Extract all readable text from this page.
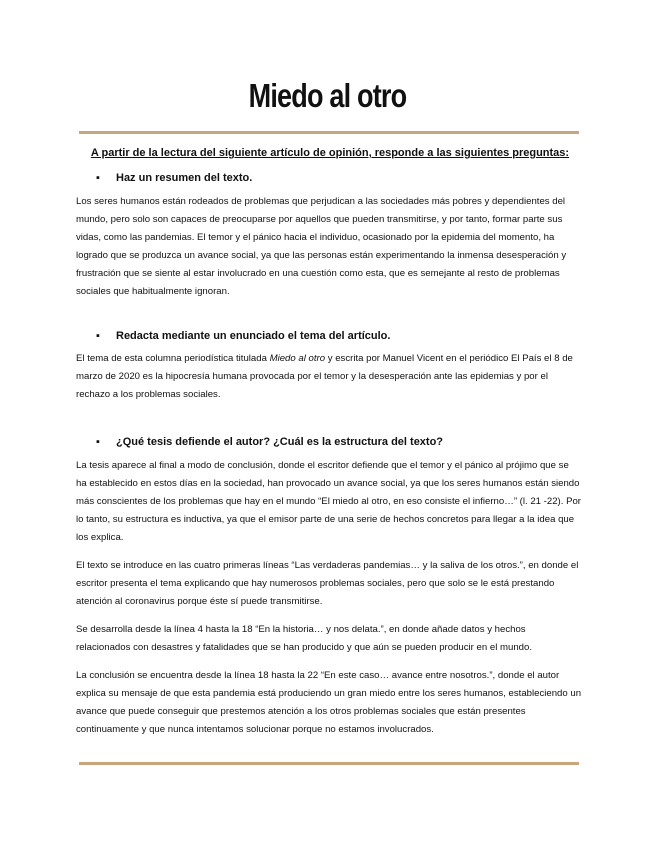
Miedo al otro
A partir de la lectura del siguiente artículo de opinión, responde a las siguientes preguntas:
▪ Haz un resumen del texto.

Los seres humanos están rodeados de problemas que perjudican a las sociedades más pobres y dependientes del mundo, pero solo son capaces de preocuparse por aquellos que pueden transmitirse, y por tanto, formar parte sus vidas, como las pandemias. El temor y el pánico hacia el individuo, ocasionado por la epidemia del momento, ha logrado que se produzca un avance social, ya que las personas están experimentando la inmensa desesperación y frustración que se siente al estar involucrado en una cuestión como esta, que es semejante al resto de problemas sociales que habitualmente ignoran.

▪ Redacta mediante un enunciado el tema del artículo.

El tema de esta columna periodística titulada Miedo al otro y escrita por Manuel Vicent en el periódico El País el 8 de marzo de 2020 es la hipocresía humana provocada por el temor y la desesperación ante las epidemias y por el rechazo a los problemas sociales.

▪ ¿Qué tesis defiende el autor? ¿Cuál es la estructura del texto?

La tesis aparece al final a modo de conclusión, donde el escritor defiende que el temor y el pánico al prójimo que se ha establecido en estos días en la sociedad, han provocado un avance social, ya que los seres humanos están siendo más conscientes de los problemas que hay en el mundo “El miedo al otro, en eso consiste el infierno…” (l. 21 -22). Por lo tanto, su estructura es inductiva, ya que el emisor parte de una serie de hechos concretos para llegar a la idea que los explica.

El texto se introduce en las cuatro primeras líneas “Las verdaderas pandemias… y la saliva de los otros.”, en donde el escritor presenta el tema explicando que hay numerosos problemas sociales, pero que solo se le está prestando atención al coronavirus porque éste sí puede transmitirse.

Se desarrolla desde la línea 4 hasta la 18 “En la historia… y nos delata.”, en donde añade datos y hechos relacionados con desastres y fatalidades que se han producido y que aún se pueden producir en el mundo.

La conclusión se encuentra desde la línea 18 hasta la 22 “En este caso… avance entre nosotros.”, donde el autor explica su mensaje de que esta pandemia está produciendo un gran miedo entre los seres humanos, estableciendo un avance que puede conseguir que prestemos atención a los otros problemas sociales que están presentes continuamente y que nunca intentamos solucionar porque no estamos involucrados.
